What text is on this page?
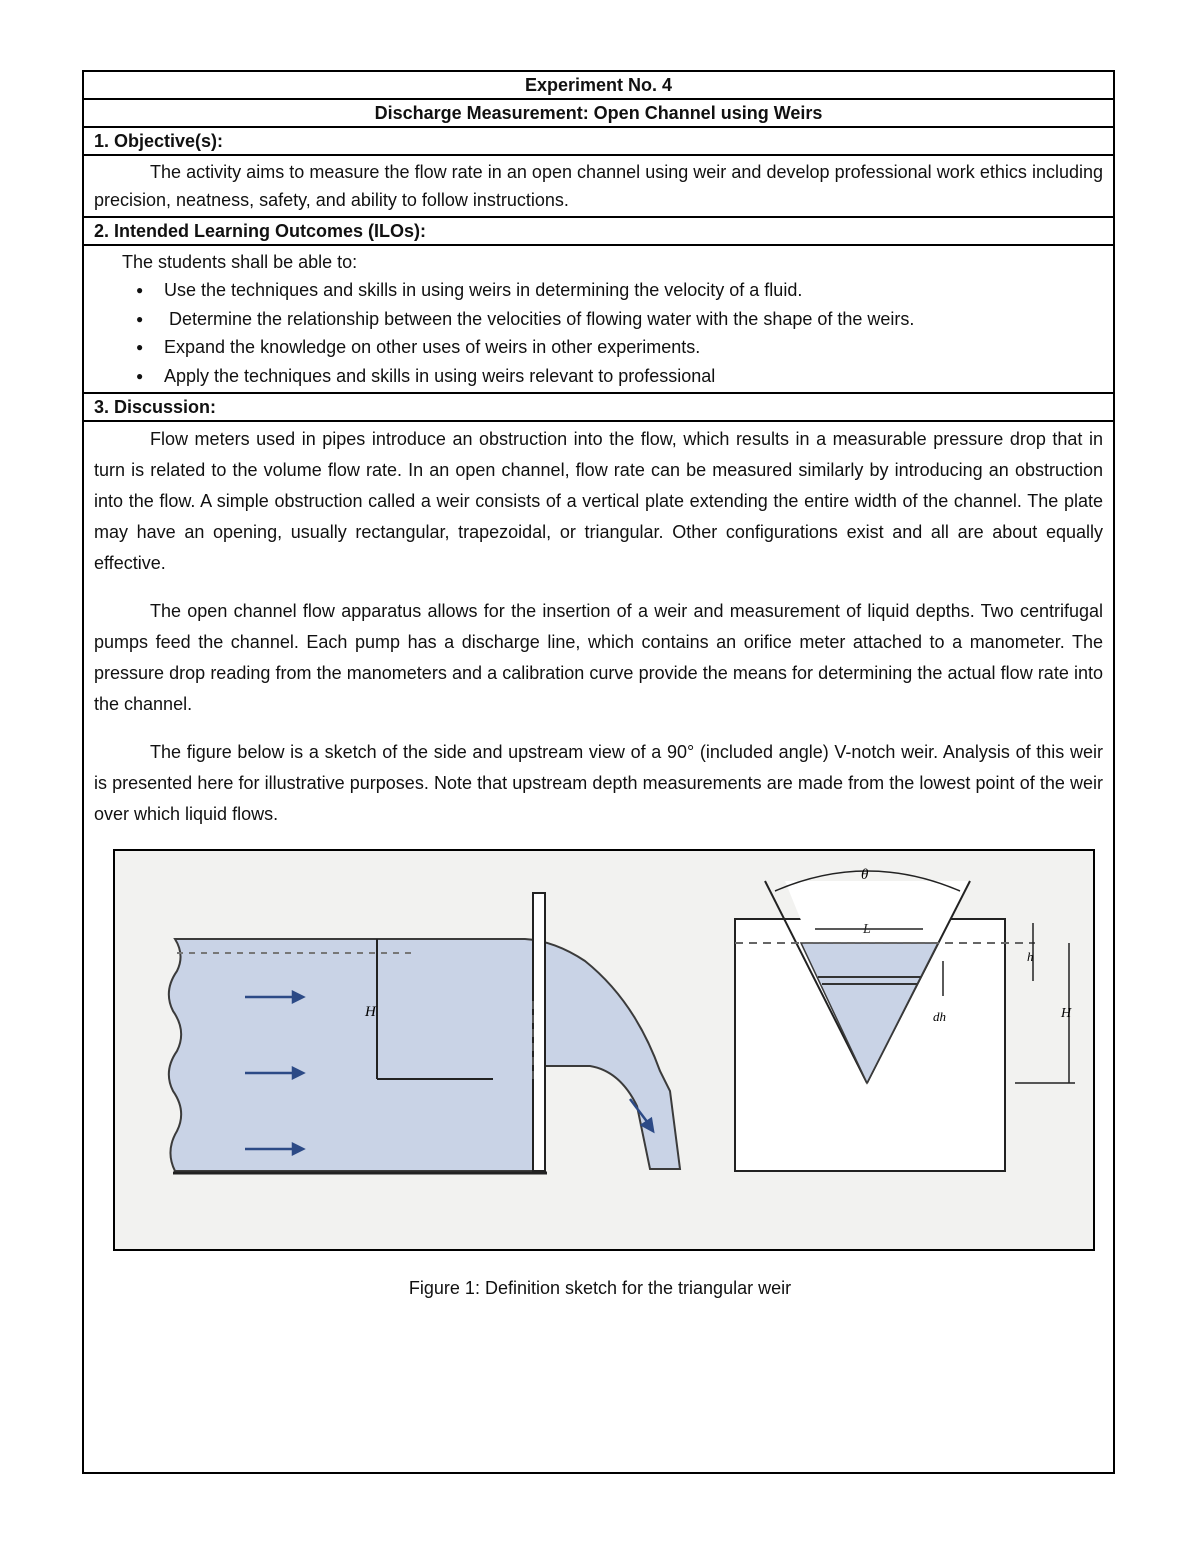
Experiment No. 4
Discharge Measurement: Open Channel using Weirs
1. Objective(s):
The activity aims to measure the flow rate in an open channel using weir and develop professional work ethics including precision, neatness, safety, and ability to follow instructions.
2. Intended Learning Outcomes (ILOs):
The students shall be able to:
● Use the techniques and skills in using weirs in determining the velocity of a fluid.
● Determine the relationship between the velocities of flowing water with the shape of the weirs.
● Expand the knowledge on other uses of weirs in other experiments.
● Apply the techniques and skills in using weirs relevant to professional
3. Discussion:

Flow meters used in pipes introduce an obstruction into the flow, which results in a measurable pressure drop that in turn is related to the volume flow rate. In an open channel, flow rate can be measured similarly by introducing an obstruction into the flow. A simple obstruction called a weir consists of a vertical plate extending the entire width of the channel. The plate may have an opening, usually rectangular, trapezoidal, or triangular. Other configurations exist and all are about equally effective.

The open channel flow apparatus allows for the insertion of a weir and measurement of liquid depths. Two centrifugal pumps feed the channel. Each pump has a discharge line, which contains an orifice meter attached to a manometer. The pressure drop reading from the manometers and a calibration curve provide the means for determining the actual flow rate into the channel.

The figure below is a sketch of the side and upstream view of a 90° (included angle) V-notch weir. Analysis of this weir is presented here for illustrative purposes. Note that upstream depth measurements are made from the lowest point of the weir over which liquid flows.

H
θ
L
h
dh	H
Figure 1: Definition sketch for the triangular weir
